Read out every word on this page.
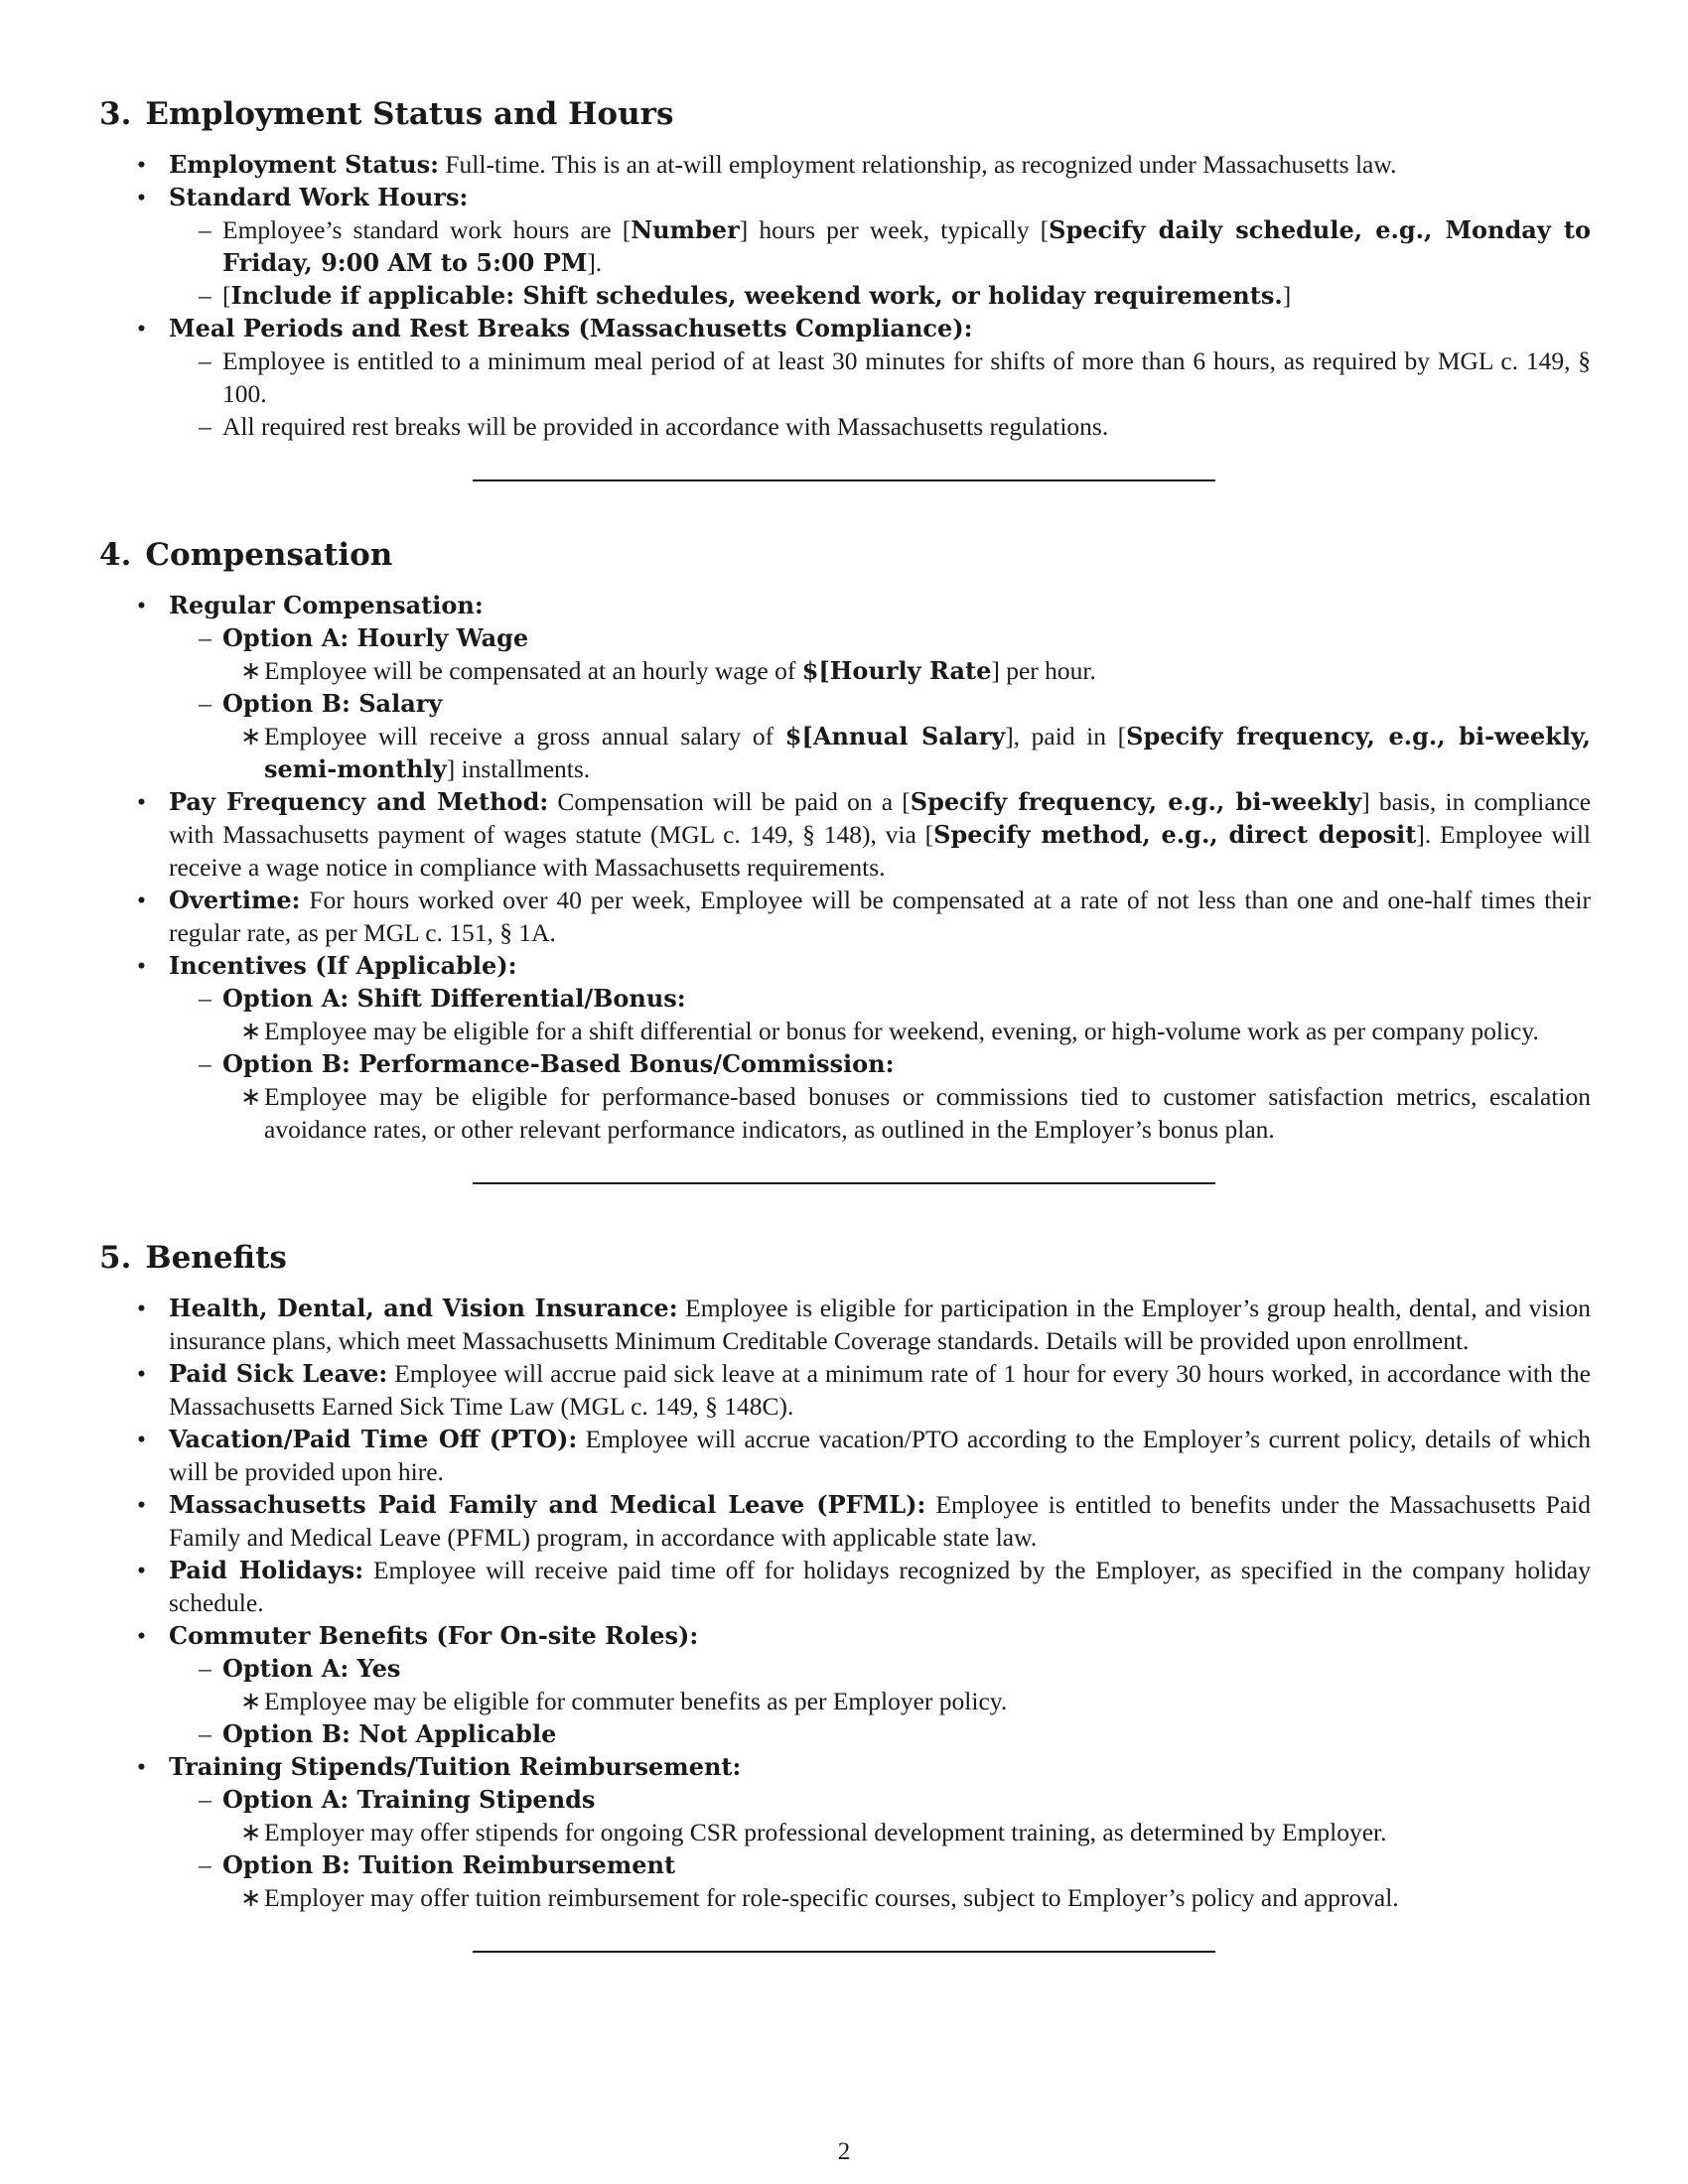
3. Employment Status and Hours
• Employment Status: Full-time. This is an at-will employment relationship, as recognized under Massachusetts law.
• Standard Work Hours:
– Employee’s standard work hours are [Number] hours per week, typically [Specify daily schedule, e.g., Monday to Friday, 9:00 AM to 5:00 PM].
– [Include if applicable: Shift schedules, weekend work, or holiday requirements.]
• Meal Periods and Rest Breaks (Massachusetts Compliance):
– Employee is entitled to a minimum meal period of at least 30 minutes for shifts of more than 6 hours, as required by MGL c. 149, § 100.
– All required rest breaks will be provided in accordance with Massachusetts regulations.
4. Compensation
• Regular Compensation:
– Option A: Hourly Wage
∗ Employee will be compensated at an hourly wage of $[Hourly Rate] per hour.
– Option B: Salary
∗ Employee will receive a gross annual salary of $[Annual Salary], paid in [Specify frequency, e.g., bi-weekly, semi-monthly] installments.
• Pay Frequency and Method: Compensation will be paid on a [Specify frequency, e.g., bi-weekly] basis, in compliance with Massachusetts payment of wages statute (MGL c. 149, § 148), via [Specify method, e.g., direct deposit]. Employee will receive a wage notice in compliance with Massachusetts requirements.
• Overtime: For hours worked over 40 per week, Employee will be compensated at a rate of not less than one and one-half times their regular rate, as per MGL c. 151, § 1A.
• Incentives (If Applicable):
– Option A: Shift Differential/Bonus:
∗ Employee may be eligible for a shift differential or bonus for weekend, evening, or high-volume work as per company policy.
– Option B: Performance-Based Bonus/Commission:
∗ Employee may be eligible for performance-based bonuses or commissions tied to customer satisfaction metrics, escalation avoidance rates, or other relevant performance indicators, as outlined in the Employer’s bonus plan.
5. Benefits
• Health, Dental, and Vision Insurance: Employee is eligible for participation in the Employer’s group health, dental, and vision insurance plans, which meet Massachusetts Minimum Creditable Coverage standards. Details will be provided upon enrollment.
• Paid Sick Leave: Employee will accrue paid sick leave at a minimum rate of 1 hour for every 30 hours worked, in accordance with the Massachusetts Earned Sick Time Law (MGL c. 149, § 148C).
• Vacation/Paid Time Off (PTO): Employee will accrue vacation/PTO according to the Employer’s current policy, details of which will be provided upon hire.
• Massachusetts Paid Family and Medical Leave (PFML): Employee is entitled to benefits under the Massachusetts Paid Family and Medical Leave (PFML) program, in accordance with applicable state law.
• Paid Holidays: Employee will receive paid time off for holidays recognized by the Employer, as specified in the company holiday schedule.
• Commuter Benefits (For On-site Roles):
– Option A: Yes
∗ Employee may be eligible for commuter benefits as per Employer policy.
– Option B: Not Applicable
• Training Stipends/Tuition Reimbursement:
– Option A: Training Stipends
∗ Employer may offer stipends for ongoing CSR professional development training, as determined by Employer.
– Option B: Tuition Reimbursement
∗ Employer may offer tuition reimbursement for role-specific courses, subject to Employer’s policy and approval.
2
